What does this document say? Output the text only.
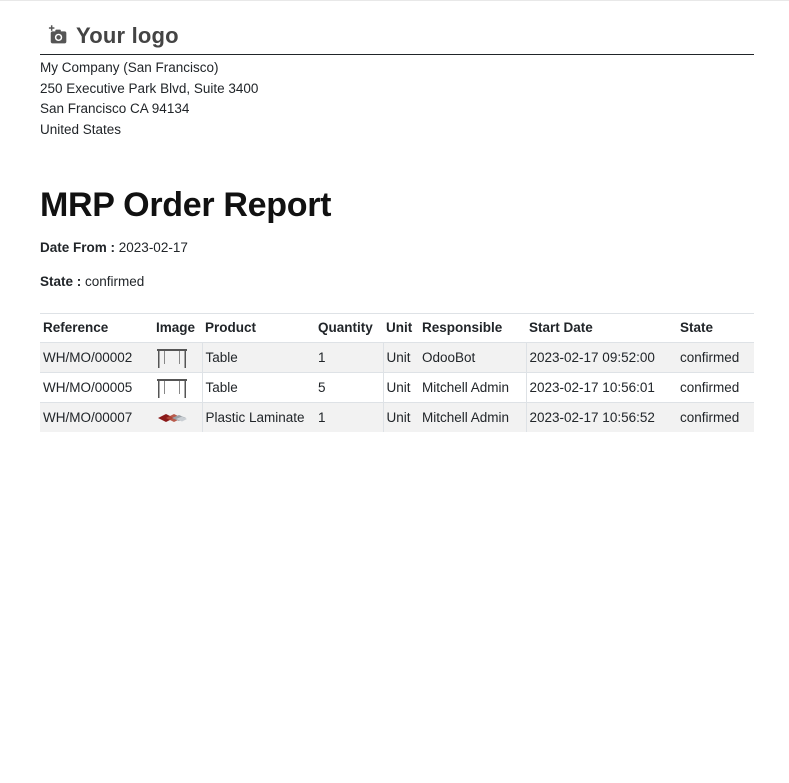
Your logo
My Company (San Francisco)
250 Executive Park Blvd, Suite 3400
San Francisco CA 94134
United States
MRP Order Report
Date From : 2023-02-17
State : confirmed
Reference	Image	Product	Quantity	Unit	Responsible	Start Date	State
WH/MO/00002		Table	1	Unit	OdooBot	2023-02-17 09:52:00	confirmed
WH/MO/00005		Table	5	Unit	Mitchell Admin	2023-02-17 10:56:01	confirmed
WH/MO/00007		Plastic Laminate	1	Unit	Mitchell Admin	2023-02-17 10:56:52	confirmed
